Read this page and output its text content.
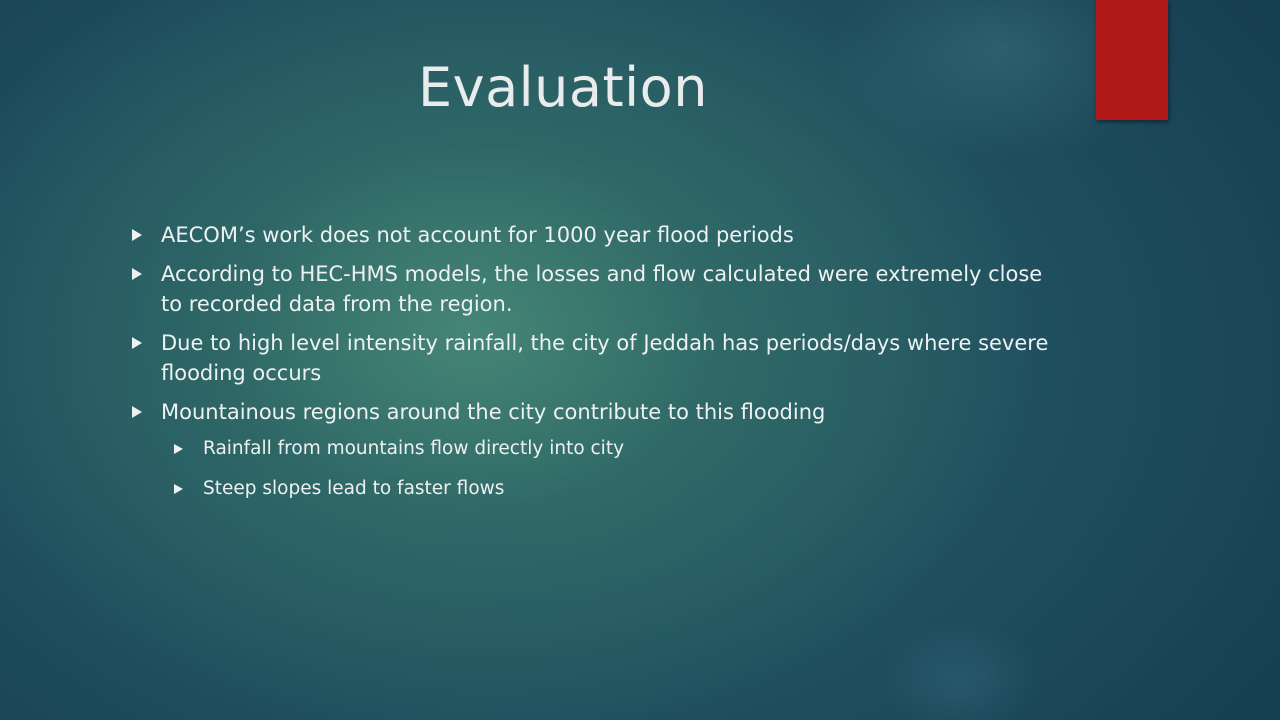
Evaluation
AECOM’s work does not account for 1000 year flood periods
According to HEC-HMS models, the losses and flow calculated were extremely close to recorded data from the region.
Due to high level intensity rainfall, the city of Jeddah has periods/days where severe flooding occurs
Mountainous regions around the city contribute to this flooding
Rainfall from mountains flow directly into city
Steep slopes lead to faster flows
